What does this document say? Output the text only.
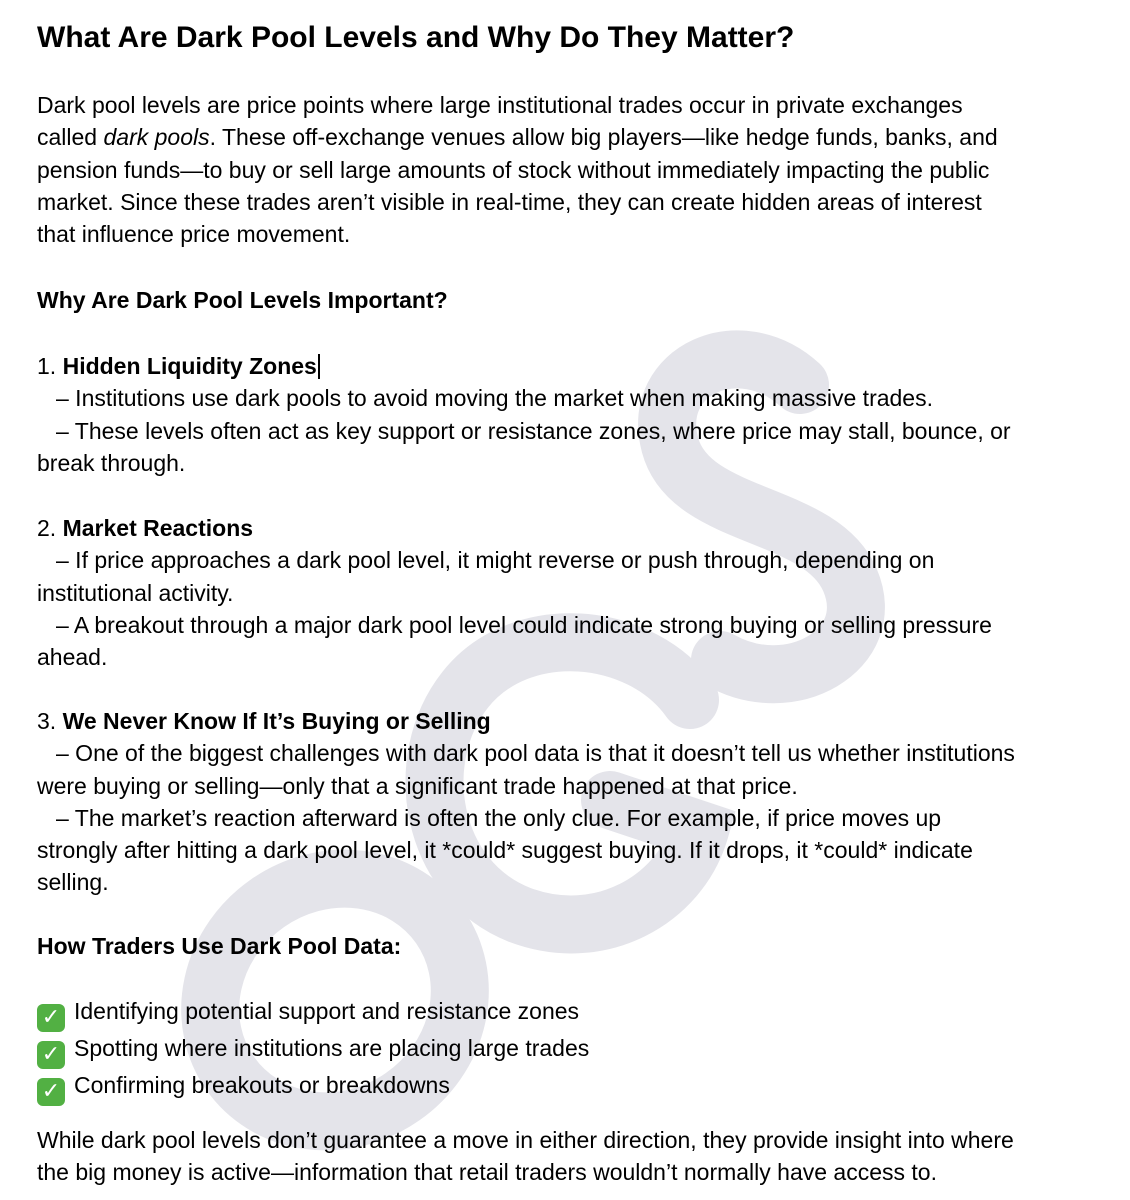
What Are Dark Pool Levels and Why Do They Matter?
Dark pool levels are price points where large institutional trades occur in private exchanges
called dark pools. These off-exchange venues allow big players—like hedge funds, banks, and
pension funds—to buy or sell large amounts of stock without immediately impacting the public
market. Since these trades aren’t visible in real-time, they can create hidden areas of interest
that influence price movement.
Why Are Dark Pool Levels Important?
1. Hidden Liquidity Zones
– Institutions use dark pools to avoid moving the market when making massive trades.
– These levels often act as key support or resistance zones, where price may stall, bounce, or
break through.
2. Market Reactions
– If price approaches a dark pool level, it might reverse or push through, depending on
institutional activity.
– A breakout through a major dark pool level could indicate strong buying or selling pressure
ahead.
3. We Never Know If It’s Buying or Selling
– One of the biggest challenges with dark pool data is that it doesn’t tell us whether institutions
were buying or selling—only that a significant trade happened at that price.
– The market’s reaction afterward is often the only clue. For example, if price moves up
strongly after hitting a dark pool level, it *could* suggest buying. If it drops, it *could* indicate
selling.
How Traders Use Dark Pool Data:
✓ Identifying potential support and resistance zones
✓ Spotting where institutions are placing large trades
✓ Confirming breakouts or breakdowns
While dark pool levels don’t guarantee a move in either direction, they provide insight into where
the big money is active—information that retail traders wouldn’t normally have access to.
